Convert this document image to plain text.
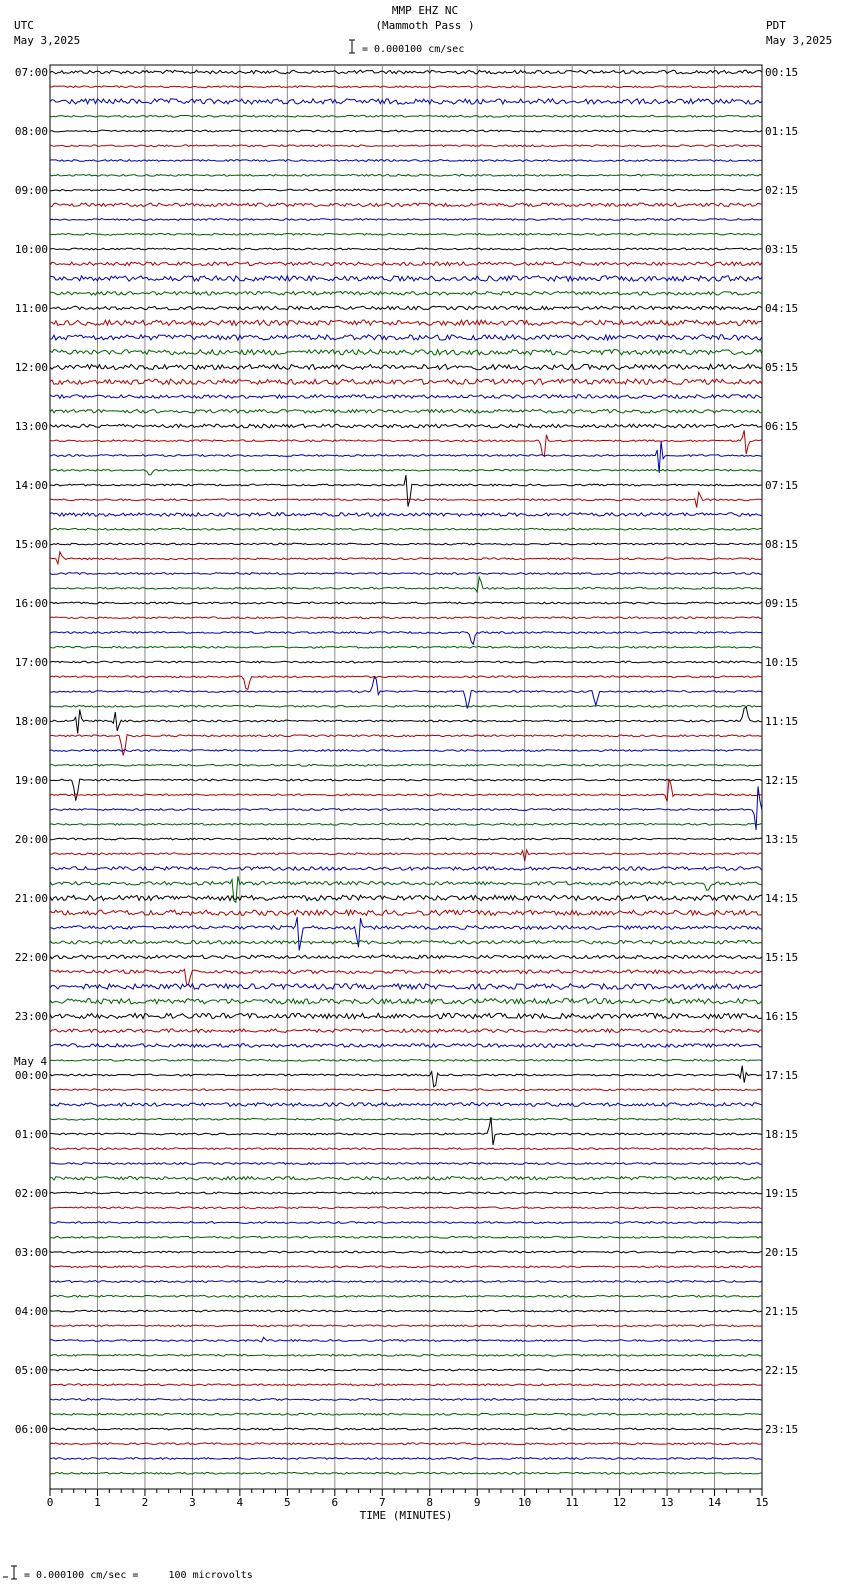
MMP EHZ NC
(Mammoth Pass )
UTC
May 3,2025
PDT
May 3,2025
= 0.000100 cm/sec
= 0.000100 cm/sec =     100 microvolts
07:00
08:00
09:00
10:00
11:00
12:00
13:00
14:00
15:00
16:00
17:00
18:00
19:00
20:00
21:00
22:00
23:00
May 4
00:00
01:00
02:00
03:00
04:00
05:00
06:00
00:15
01:15
02:15
03:15
04:15
05:15
06:15
07:15
08:15
09:15
10:15
11:15
12:15
13:15
14:15
15:15
16:15
17:15
18:15
19:15
20:15
21:15
22:15
23:15
0	1	2	3	4	5	6	7	8	9	10	11	12	13	14	15
TIME (MINUTES)
